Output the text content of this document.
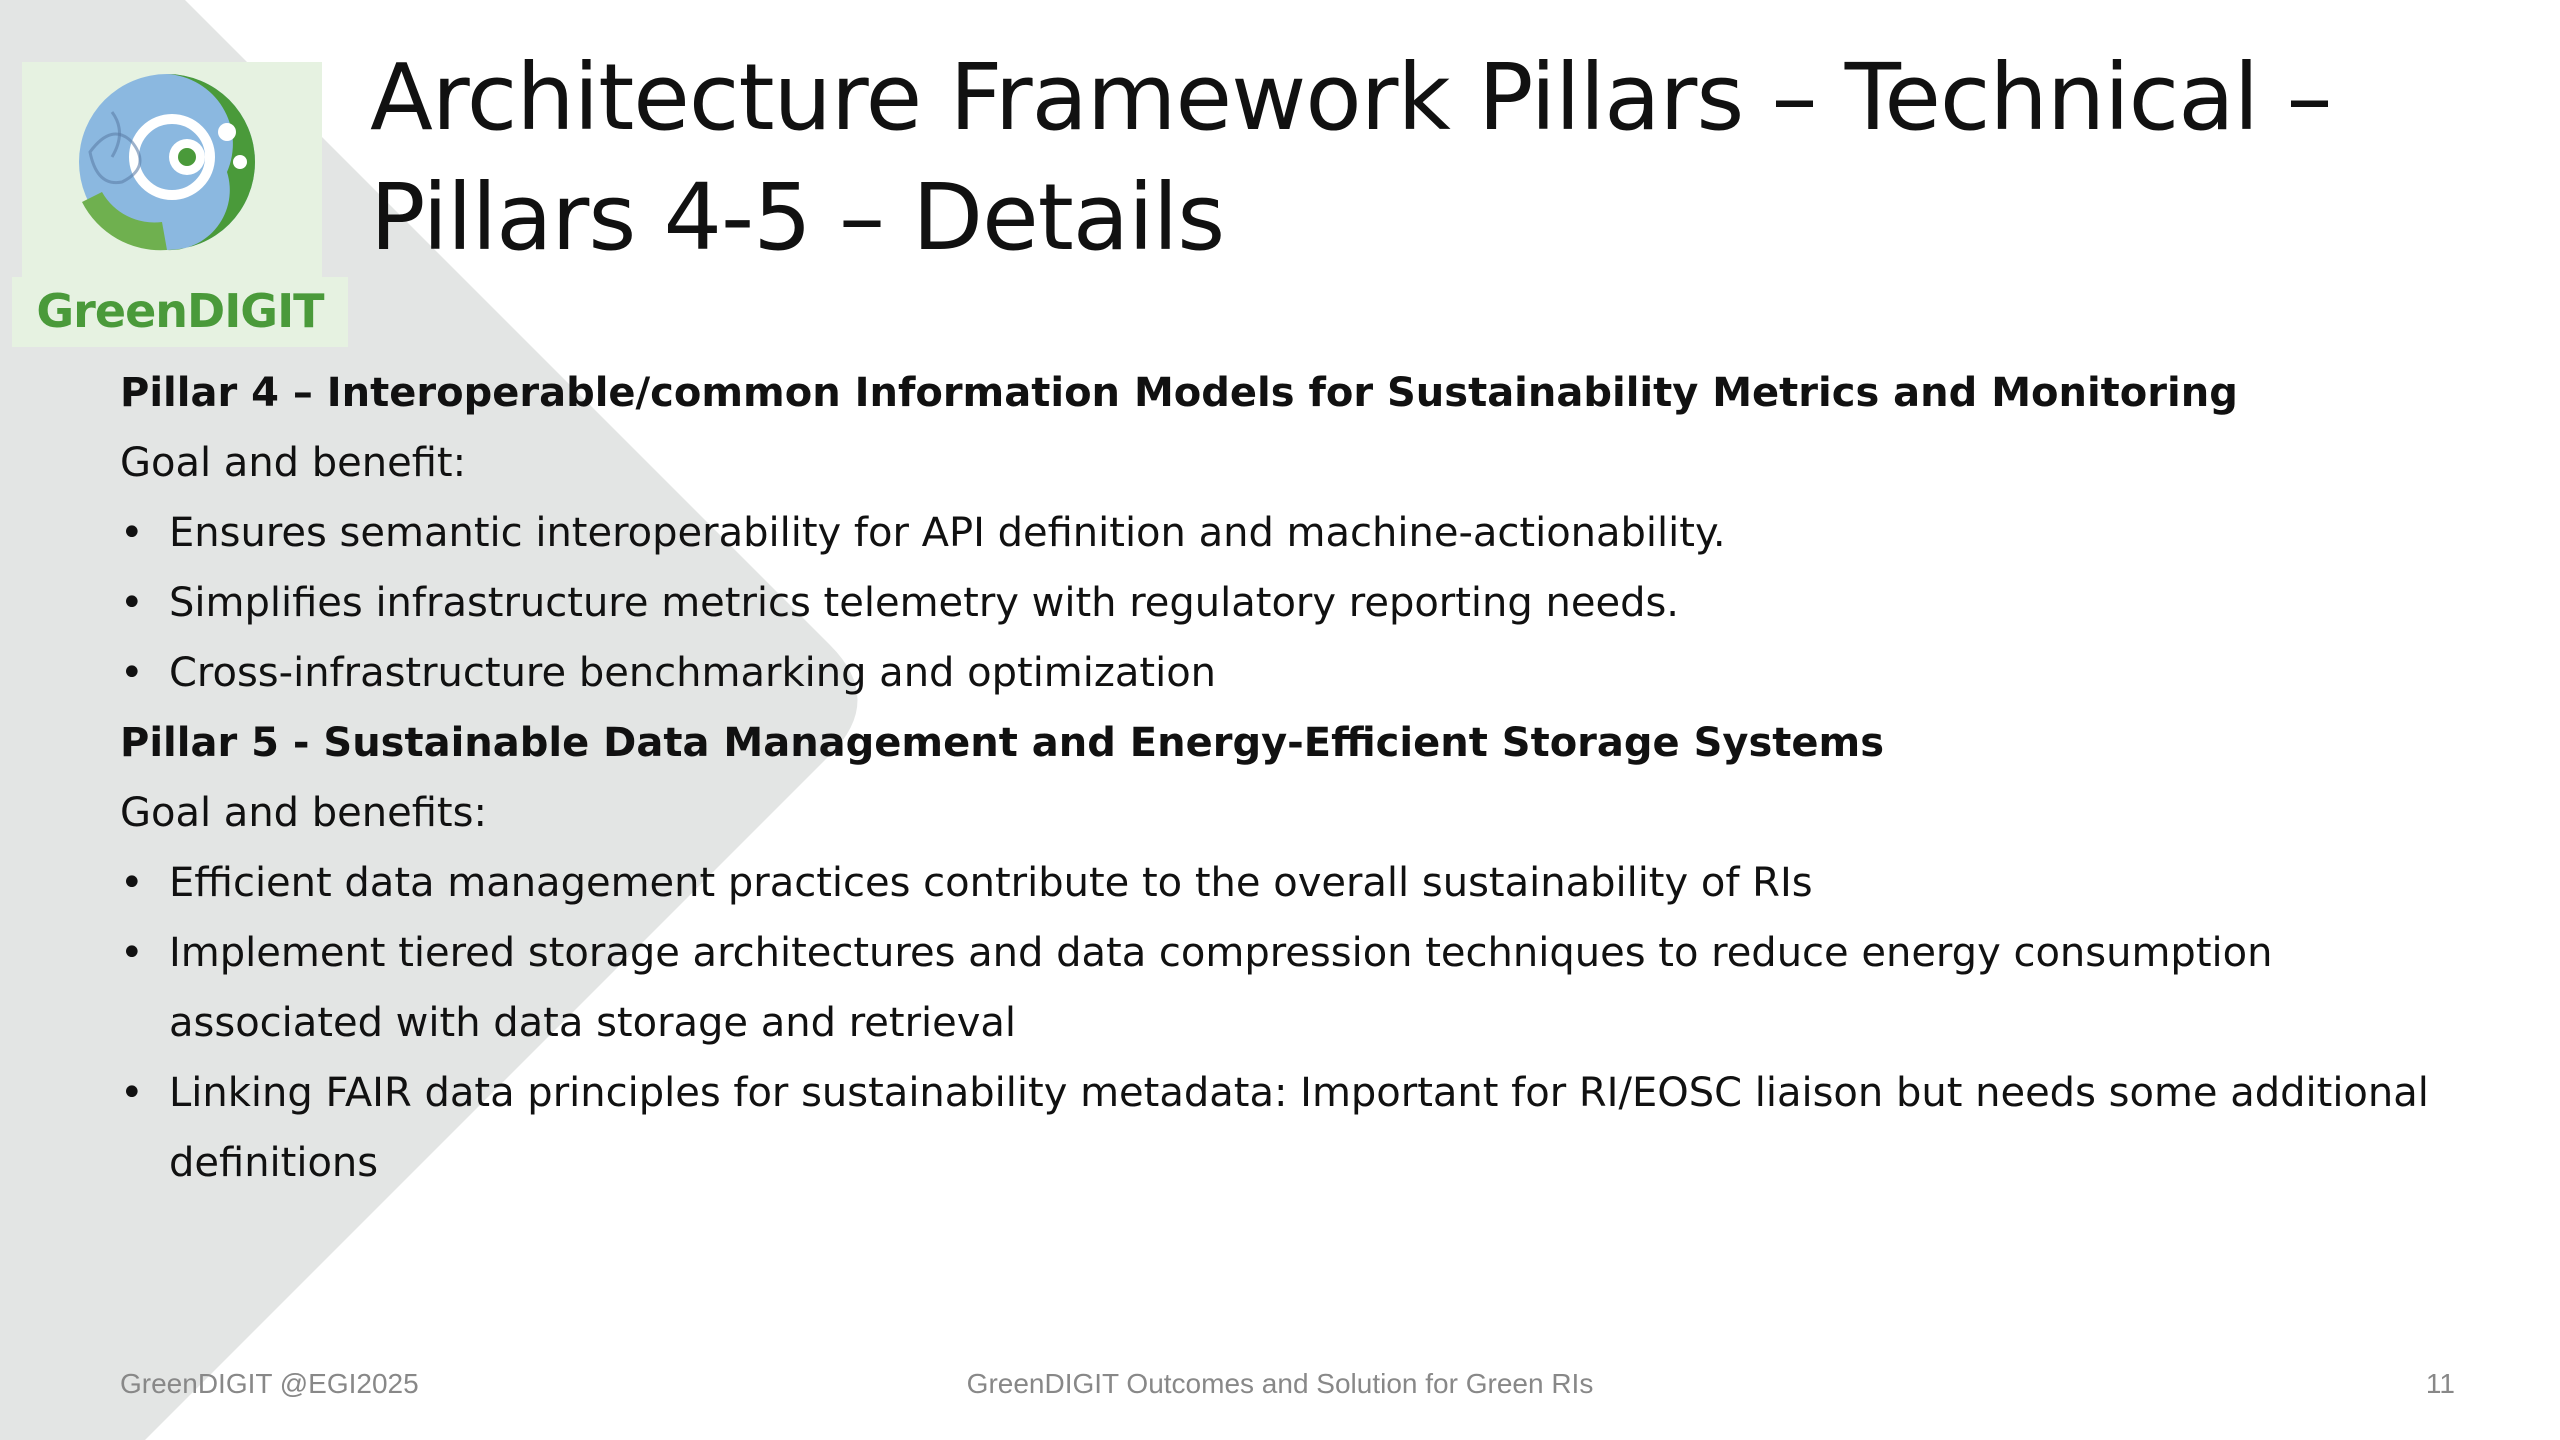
GreenDIGIT
Architecture Framework Pillars – Technical –
Pillars 4-5 – Details
Pillar 4 – Interoperable/common Information Models for Sustainability Metrics and Monitoring
Goal and benefit:
• Ensures semantic interoperability for API definition and machine-actionability.
• Simplifies infrastructure metrics telemetry with regulatory reporting needs.
• Cross-infrastructure benchmarking and optimization
Pillar 5 - Sustainable Data Management and Energy-Efficient Storage Systems
Goal and benefits:
• Efficient data management practices contribute to the overall sustainability of RIs
• Implement tiered storage architectures and data compression techniques to reduce energy consumption associated with data storage and retrieval
• Linking FAIR data principles for sustainability metadata: Important for RI/EOSC liaison but needs some additional definitions
GreenDIGIT @EGI2025	GreenDIGIT Outcomes and Solution for Green RIs	11
